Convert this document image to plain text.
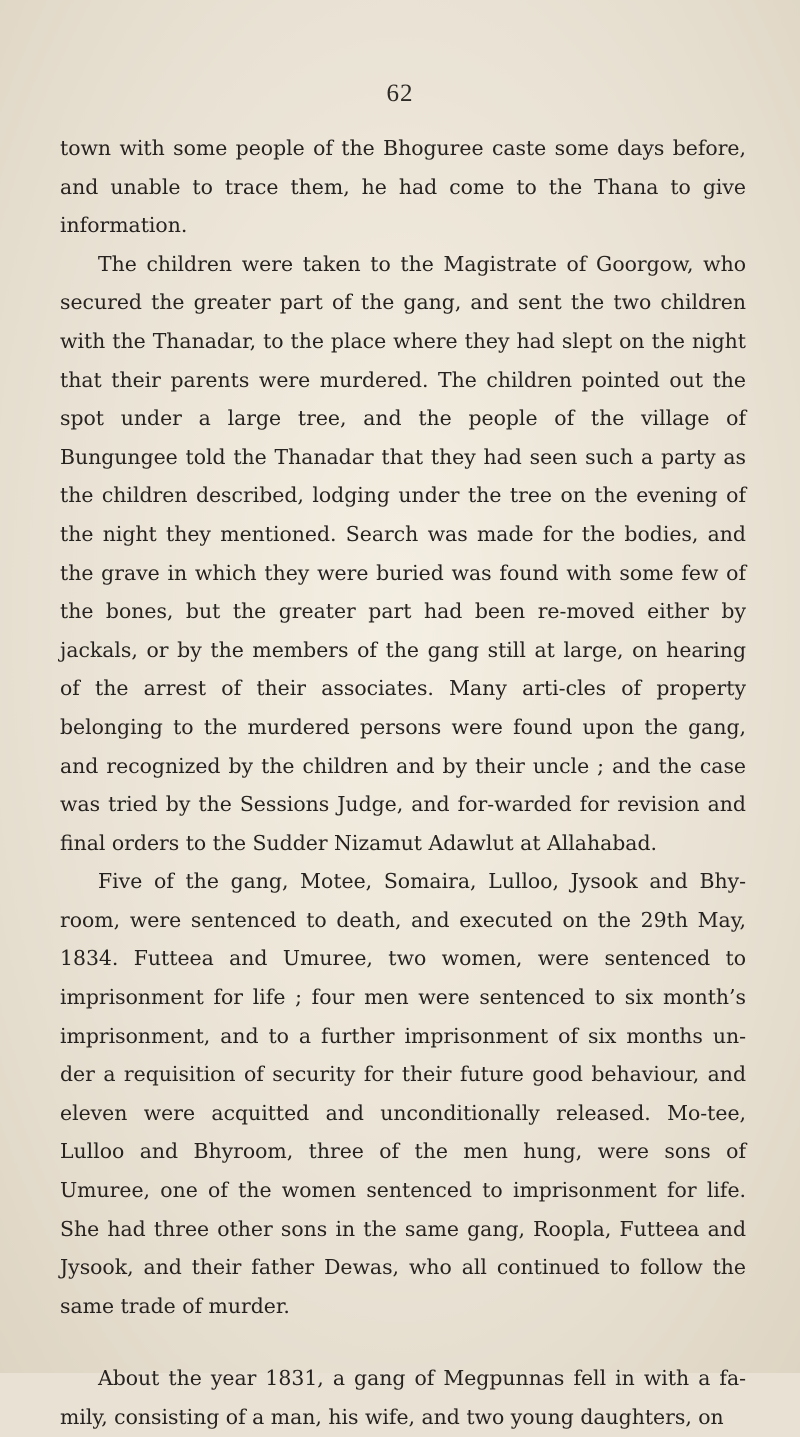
62

town with some people of the Bhoguree caste some days before, and unable to trace them, he had come to the Thana to give information.

The children were taken to the Magistrate of Goorgow, who secured the greater part of the gang, and sent the two children with the Thanadar, to the place where they had slept on the night that their parents were murdered. The children pointed out the spot under a large tree, and the people of the village of Bungungee told the Thanadar that they had seen such a party as the children described, lodging under the tree on the evening of the night they mentioned. Search was made for the bodies, and the grave in which they were buried was found with some few of the bones, but the greater part had been re-moved either by jackals, or by the members of the gang still at large, on hearing of the arrest of their associates. Many arti-cles of property belonging to the murdered persons were found upon the gang, and recognized by the children and by their uncle ; and the case was tried by the Sessions Judge, and for-warded for revision and final orders to the Sudder Nizamut Adawlut at Allahabad.

Five of the gang, Motee, Somaira, Lulloo, Jysook and Bhy-room, were sentenced to death, and executed on the 29th May, 1834. Futteea and Umuree, two women, were sentenced to imprisonment for life ; four men were sentenced to six month’s imprisonment, and to a further imprisonment of six months un-der a requisition of security for their future good behaviour, and eleven were acquitted and unconditionally released. Mo-tee, Lulloo and Bhyroom, three of the men hung, were sons of Umuree, one of the women sentenced to imprisonment for life. She had three other sons in the same gang, Roopla, Futteea and Jysook, and their father Dewas, who all continued to follow the same trade of murder.

About the year 1831, a gang of Megpunnas fell in with a fa-mily, consisting of a man, his wife, and two young daughters, on
